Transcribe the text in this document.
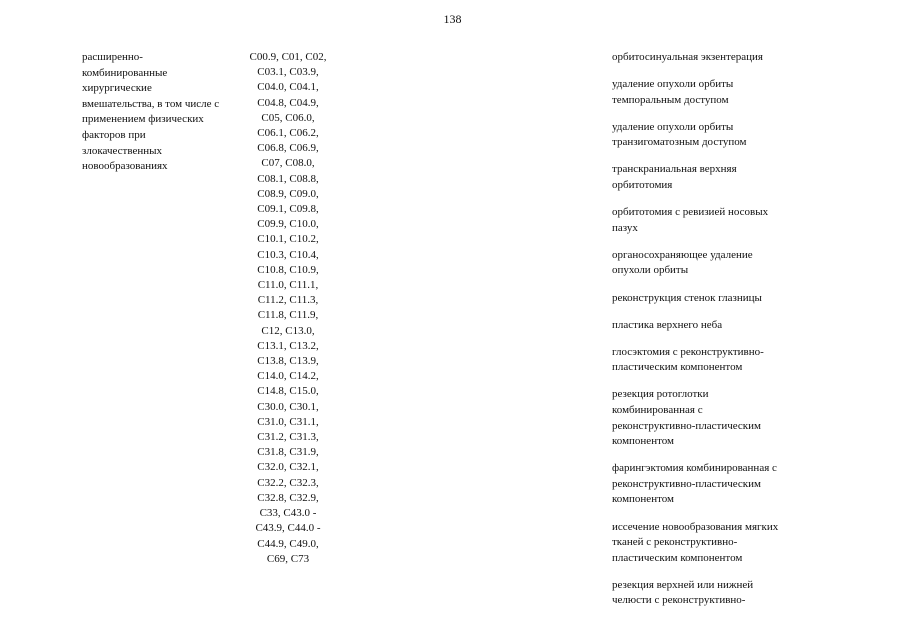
138
расширенно-
комбинированные
хирургические
вмешательства, в том числе с
применением физических
факторов при
злокачественных
новообразованиях
C00.9, C01, C02,
C03.1, C03.9,
C04.0, C04.1,
C04.8, C04.9,
C05, C06.0,
C06.1, C06.2,
C06.8, C06.9,
C07, C08.0,
C08.1, C08.8,
C08.9, C09.0,
C09.1, C09.8,
C09.9, C10.0,
C10.1, C10.2,
C10.3, C10.4,
C10.8, C10.9,
C11.0, C11.1,
C11.2, C11.3,
C11.8, C11.9,
C12, C13.0,
C13.1, C13.2,
C13.8, C13.9,
C14.0, C14.2,
C14.8, C15.0,
C30.0, C30.1,
C31.0, C31.1,
C31.2, C31.3,
C31.8, C31.9,
C32.0, C32.1,
C32.2, C32.3,
C32.8, C32.9,
C33, C43.0 -
C43.9, C44.0 -
C44.9, C49.0,
C69, C73
орбитосинуальная экзентерация
удаление опухоли орбиты
темпоральным доступом
удаление опухоли орбиты
транзигоматозным доступом
транскраниальная верхняя
орбитотомия
орбитотомия с ревизией носовых
пазух
органосохраняющее удаление
опухоли орбиты
реконструкция стенок глазницы
пластика верхнего неба
глосэктомия с реконструктивно-
пластическим компонентом
резекция ротоглотки
комбинированная с
реконструктивно-пластическим
компонентом
фарингэктомия комбинированная с
реконструктивно-пластическим
компонентом
иссечение новообразования мягких
тканей с реконструктивно-
пластическим компонентом
резекция верхней или нижней
челюсти с реконструктивно-
